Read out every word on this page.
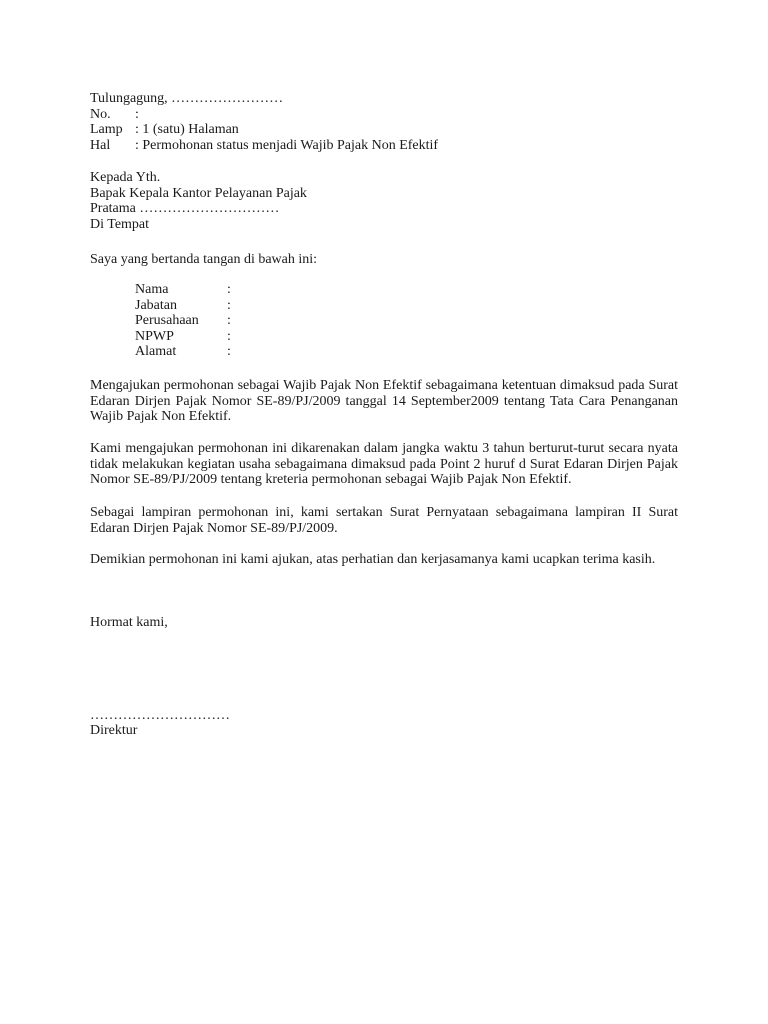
Tulungagung, ……………………
No.	:
Lamp : 1 (satu) Halaman
Hal	: Permohonan status menjadi Wajib Pajak Non Efektif
Kepada Yth.
Bapak Kepala Kantor Pelayanan Pajak
Pratama …………………………
Di Tempat
Saya yang bertanda tangan di bawah ini:
Nama	:
Jabatan	:
Perusahaan	:
NPWP	:
Alamat	:

Mengajukan permohonan sebagai Wajib Pajak Non Efektif sebagaimana ketentuan dimaksud pada Surat Edaran Dirjen Pajak Nomor SE-89/PJ/2009 tanggal 14 September2009 tentang Tata Cara Penanganan Wajib Pajak Non Efektif.

Kami mengajukan permohonan ini dikarenakan dalam jangka waktu 3 tahun berturut-turut secara nyata tidak melakukan kegiatan usaha sebagaimana dimaksud pada Point 2 huruf d Surat Edaran Dirjen Pajak Nomor SE-89/PJ/2009 tentang kreteria permohonan sebagai Wajib Pajak Non Efektif.

Sebagai lampiran permohonan ini, kami sertakan Surat Pernyataan sebagaimana lampiran II Surat Edaran Dirjen Pajak Nomor SE-89/PJ/2009.

Demikian permohonan ini kami ajukan, atas perhatian dan kerjasamanya kami ucapkan terima kasih.

Hormat kami,
…………………………
Direktur
